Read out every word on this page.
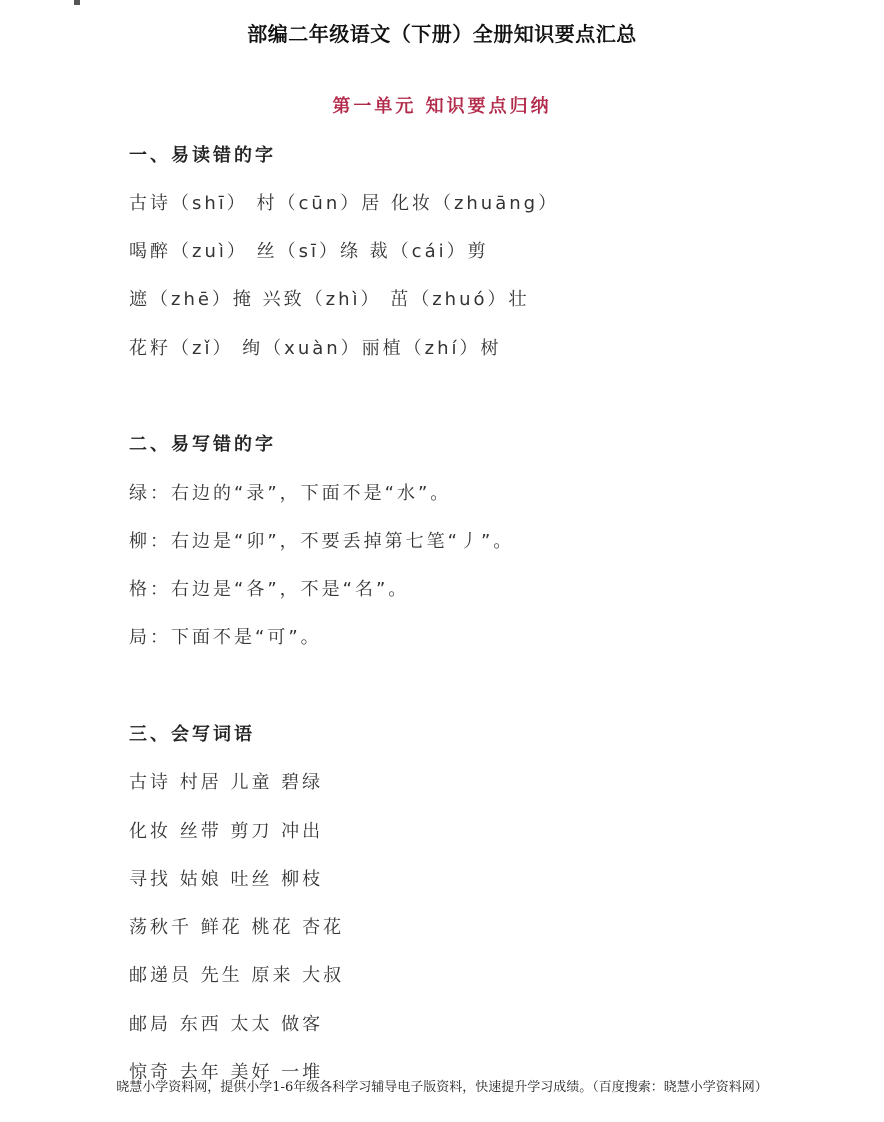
部编二年级语文（下册）全册知识要点汇总
第一单元 知识要点归纳
一、易读错的字
古诗（shī） 村（cūn）居 化妆（zhuāng）
喝醉（zuì） 丝（sī）绦 裁（cái）剪
遮（zhē）掩 兴致（zhì） 茁（zhuó）壮
花籽（zǐ） 绚（xuàn）丽植（zhí）树
二、易写错的字
绿：右边的“录”，下面不是“水”。
柳：右边是“卯”，不要丢掉第七笔“丿”。
格：右边是“各”，不是“名”。
局：下面不是“可”。
三、会写词语
古诗 村居 儿童 碧绿
化妆 丝带 剪刀 冲出
寻找 姑娘 吐丝 柳枝
荡秋千 鲜花 桃花 杏花
邮递员 先生 原来 大叔
邮局 东西 太太 做客
惊奇 去年 美好 一堆
晓慧小学资料网，提供小学1-6年级各科学习辅导电子版资料，快速提升学习成绩。（百度搜索：晓慧小学资料网）
